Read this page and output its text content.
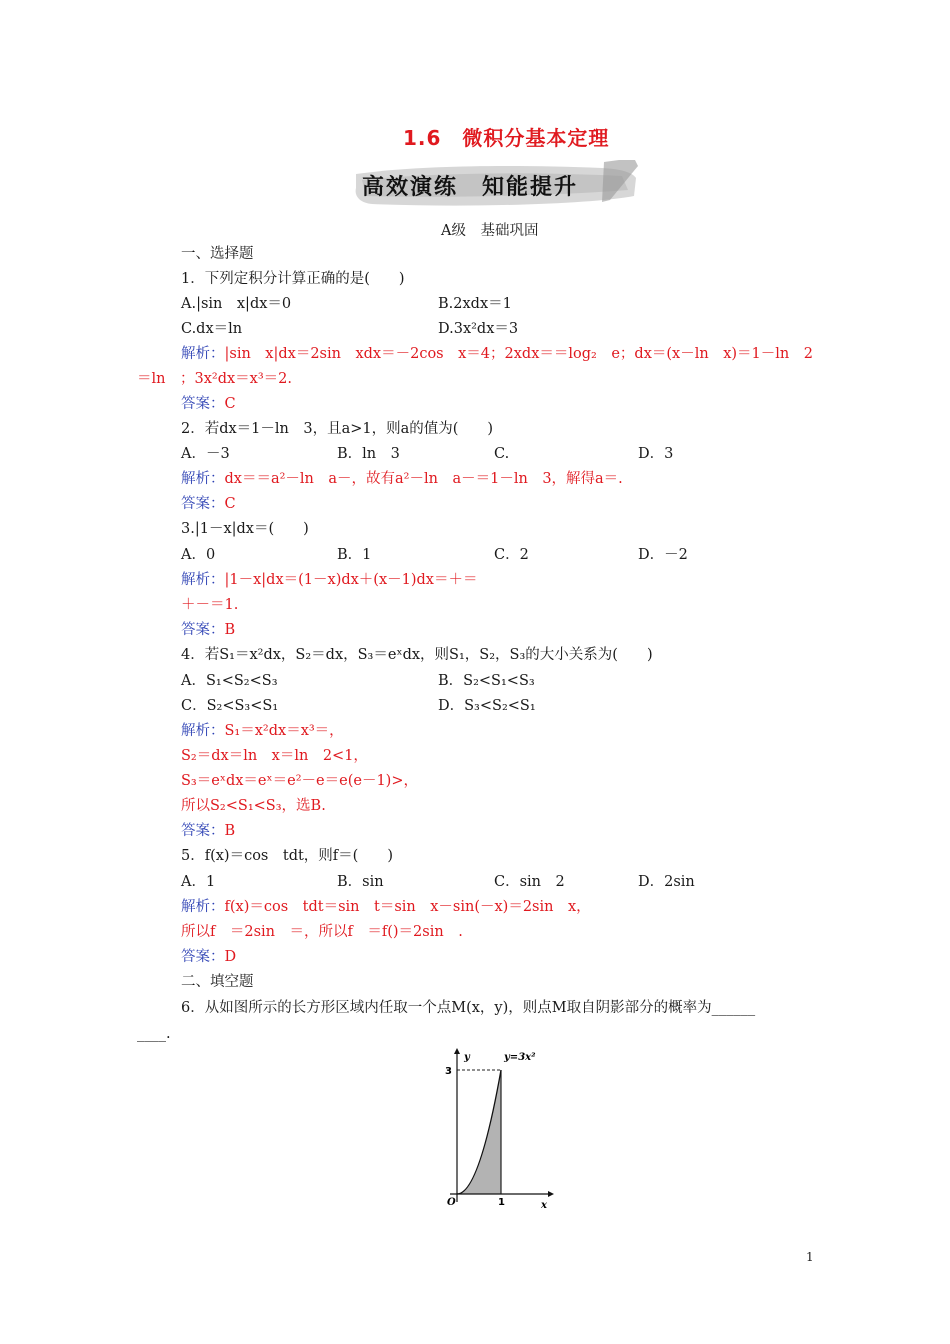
1.6　微积分基本定理
高效演练　知能提升
A级　基础巩固
一、选择题
1．下列定积分计算正确的是(　　)
A.|sin　x|dx＝0	B.2xdx＝1
C.dx＝ln	D.3x²dx＝3
解析：|sin　x|dx＝2sin　xdx＝－2cos　x＝4；2xdx＝＝log₂　e；dx＝(x－ln　x)＝1－ln　2
＝ln　；3x²dx＝x³＝2.
答案：C
2．若dx＝1－ln　3，且a>1，则a的值为(　　)
A．－3	B．ln　3	C.	D．3
解析：dx＝＝a²－ln　a－，故有a²－ln　a－＝1－ln　3，解得a＝.
答案：C
3.|1－x|dx＝(　　)
A．0	B．1	C．2	D．－2
解析：|1－x|dx＝(1－x)dx＋(x－1)dx＝＋＝
＋－＝1.
答案：B
4．若S₁＝x²dx，S₂＝dx，S₃＝eˣdx，则S₁，S₂，S₃的大小关系为(　　)
A．S₁<S₂<S₃	B．S₂<S₁<S₃
C．S₂<S₃<S₁	D．S₃<S₂<S₁
解析：S₁＝x²dx＝x³＝，
S₂＝dx＝ln　x＝ln　2<1，
S₃＝eˣdx＝eˣ＝e²－e＝e(e－1)>，
所以S₂<S₁<S₃，选B.
答案：B
5．f(x)＝cos　tdt，则f＝(　　)
A．1	B．sin	C．sin　2	D．2sin
解析：f(x)＝cos　tdt＝sin　t＝sin　x－sin(－x)＝2sin　x，
所以f　＝2sin　＝，所以f　＝f()＝2sin　.
答案：D
二、填空题
6．从如图所示的长方形区域内任取一个点M(x，y)，则点M取自阴影部分的概率为______
____.
y	y=3x²
3
O	1	x
1
